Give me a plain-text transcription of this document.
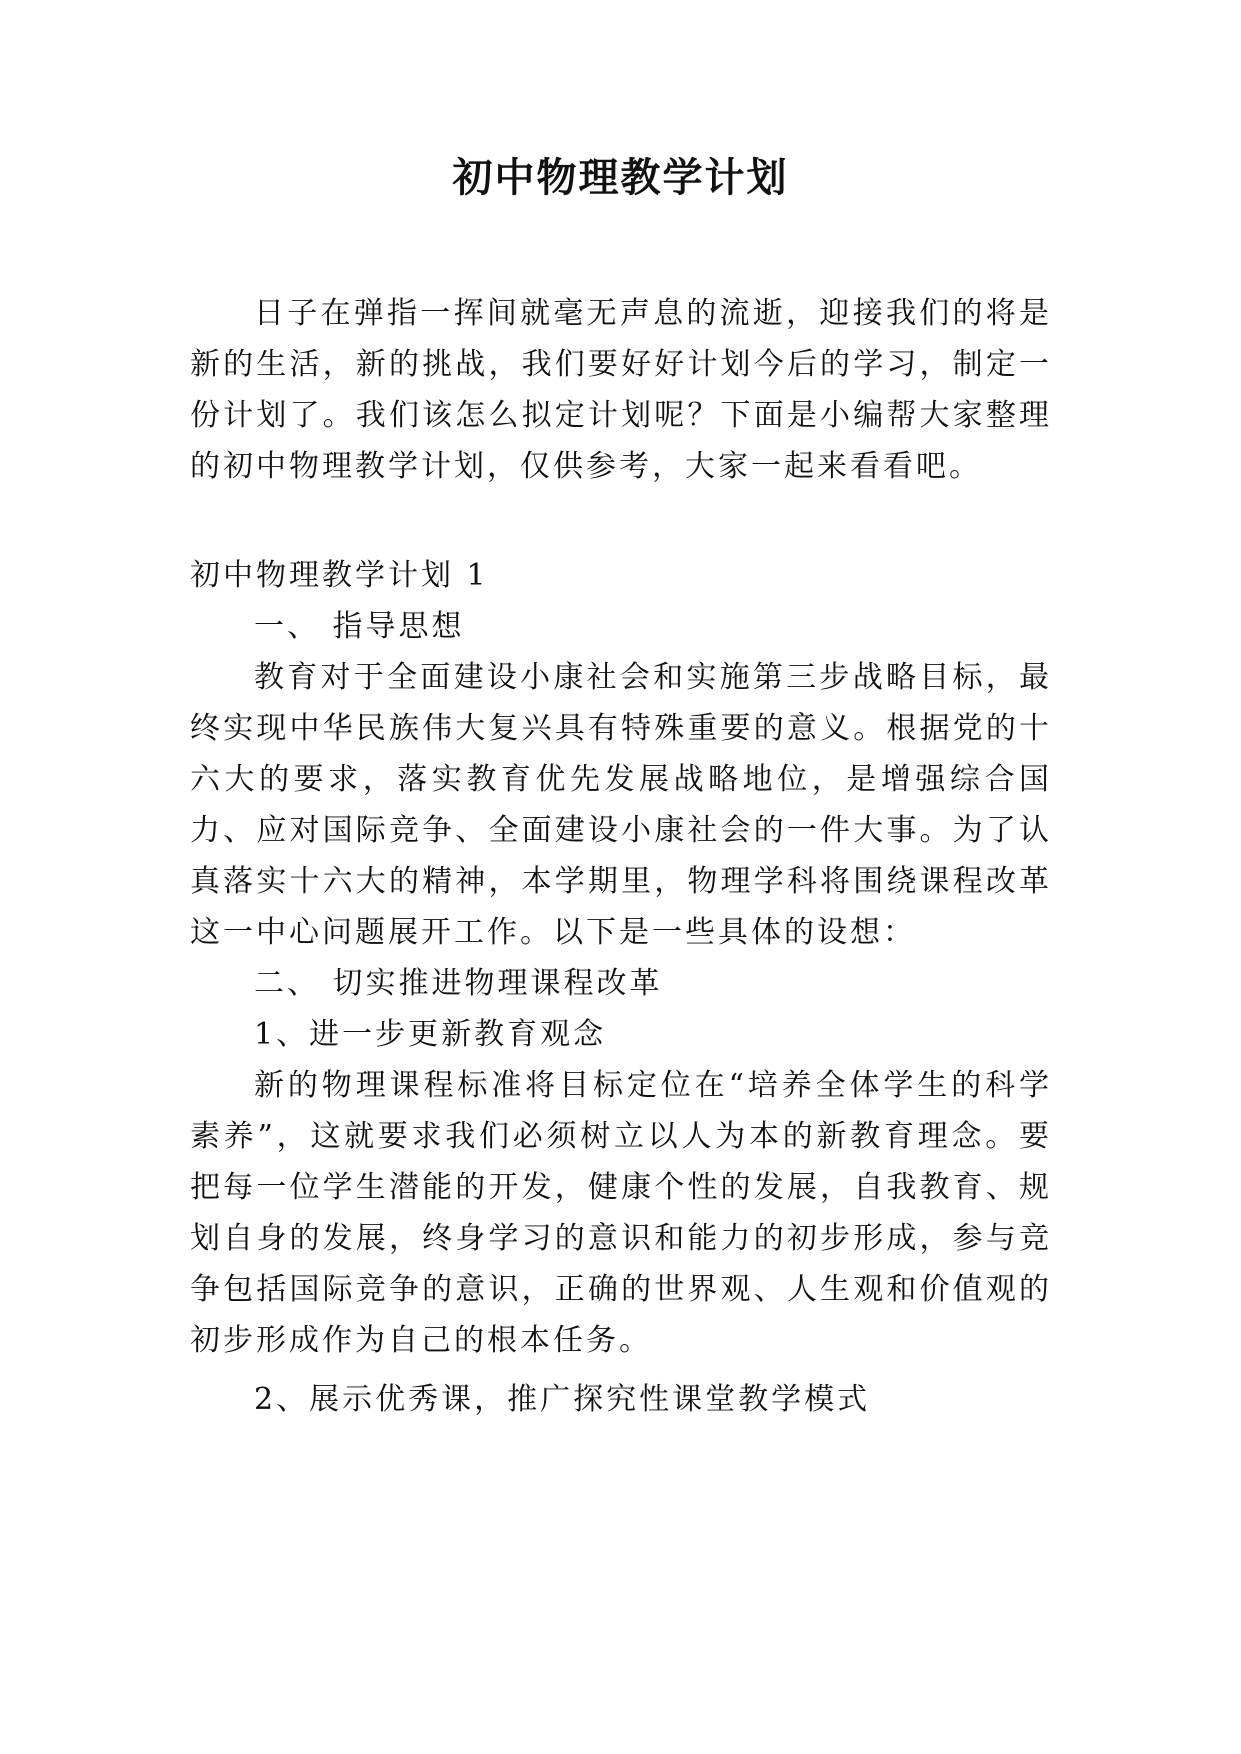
初中物理教学计划

日子在弹指一挥间就毫无声息的流逝，迎接我们的将是新的生活，新的挑战，我们要好好计划今后的学习，制定一份计划了。我们该怎么拟定计划呢？下面是小编帮大家整理的初中物理教学计划，仅供参考，大家一起来看看吧。

初中物理教学计划 1

一、 指导思想

教育对于全面建设小康社会和实施第三步战略目标，最终实现中华民族伟大复兴具有特殊重要的意义。根据党的十六大的要求，落实教育优先发展战略地位，是增强综合国力、应对国际竞争、全面建设小康社会的一件大事。为了认真落实十六大的精神，本学期里，物理学科将围绕课程改革这一中心问题展开工作。以下是一些具体的设想：

二、 切实推进物理课程改革

1、进一步更新教育观念

新的物理课程标准将目标定位在“培养全体学生的科学素养”，这就要求我们必须树立以人为本的新教育理念。要把每一位学生潜能的开发，健康个性的发展，自我教育、规划自身的发展，终身学习的意识和能力的初步形成，参与竞争包括国际竞争的意识，正确的世界观、人生观和价值观的初步形成作为自己的根本任务。

2、展示优秀课，推广探究性课堂教学模式
